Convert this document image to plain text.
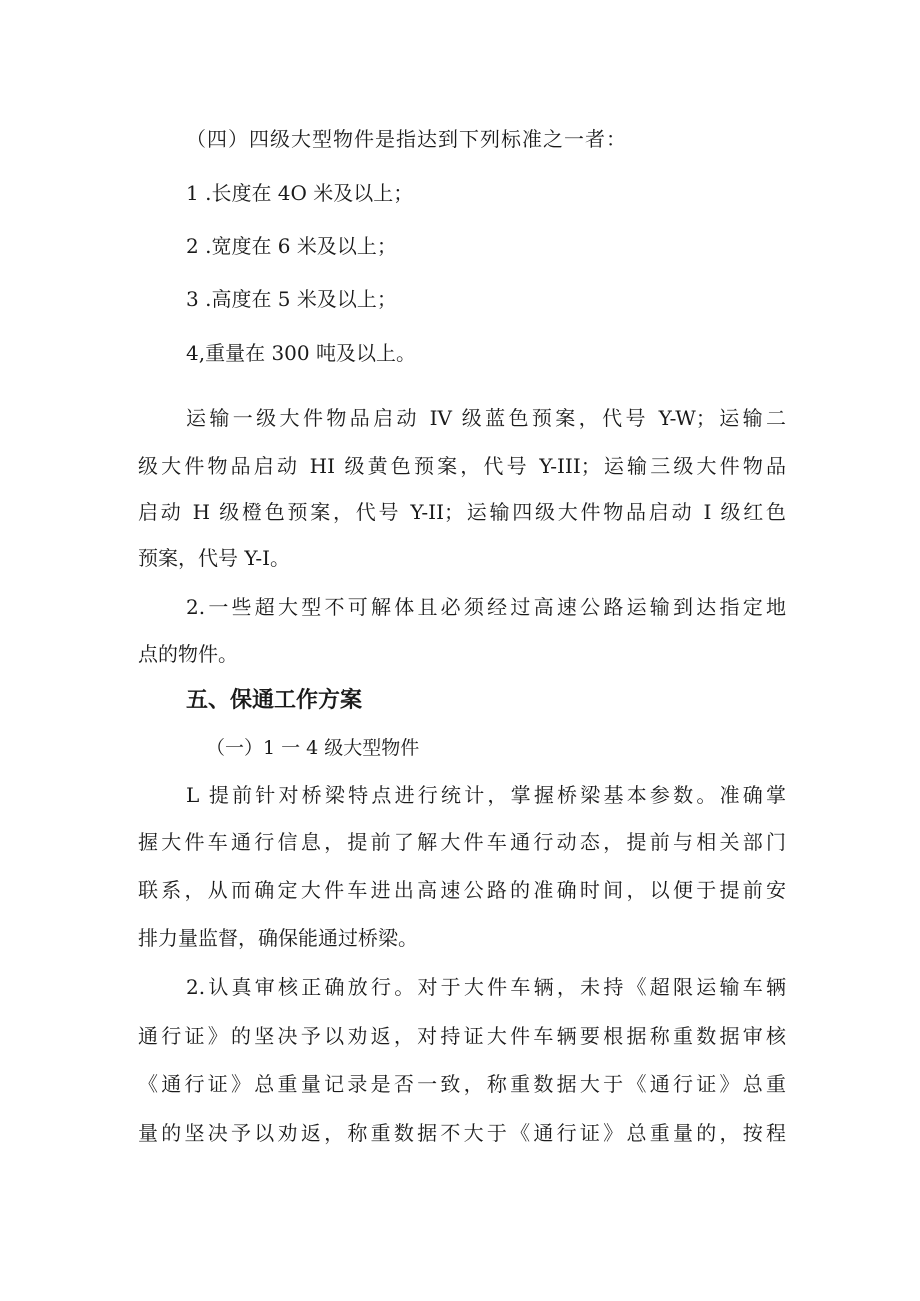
（四）四级大型物件是指达到下列标准之一者：
1 .长度在 4O 米及以上；
2 .宽度在 6 米及以上；
3 .高度在 5 米及以上；
4,重量在 300 吨及以上。
运输一级大件物品启动 IV 级蓝色预案，代号 Y-W；运输二
级大件物品启动 HI 级黄色预案，代号 Y-III；运输三级大件物品
启动 H 级橙色预案，代号 Y-II；运输四级大件物品启动 I 级红色
预案，代号 Y-I。
2.一些超大型不可解体且必须经过高速公路运输到达指定地
点的物件。
五、保通工作方案
（一）1 一 4 级大型物件
L 提前针对桥梁特点进行统计，掌握桥梁基本参数。准确掌
握大件车通行信息，提前了解大件车通行动态，提前与相关部门
联系，从而确定大件车进出高速公路的准确时间，以便于提前安
排力量监督，确保能通过桥梁。
2.认真审核正确放行。对于大件车辆，未持《超限运输车辆
通行证》的坚决予以劝返，对持证大件车辆要根据称重数据审核
《通行证》总重量记录是否一致，称重数据大于《通行证》总重
量的坚决予以劝返，称重数据不大于《通行证》总重量的，按程
